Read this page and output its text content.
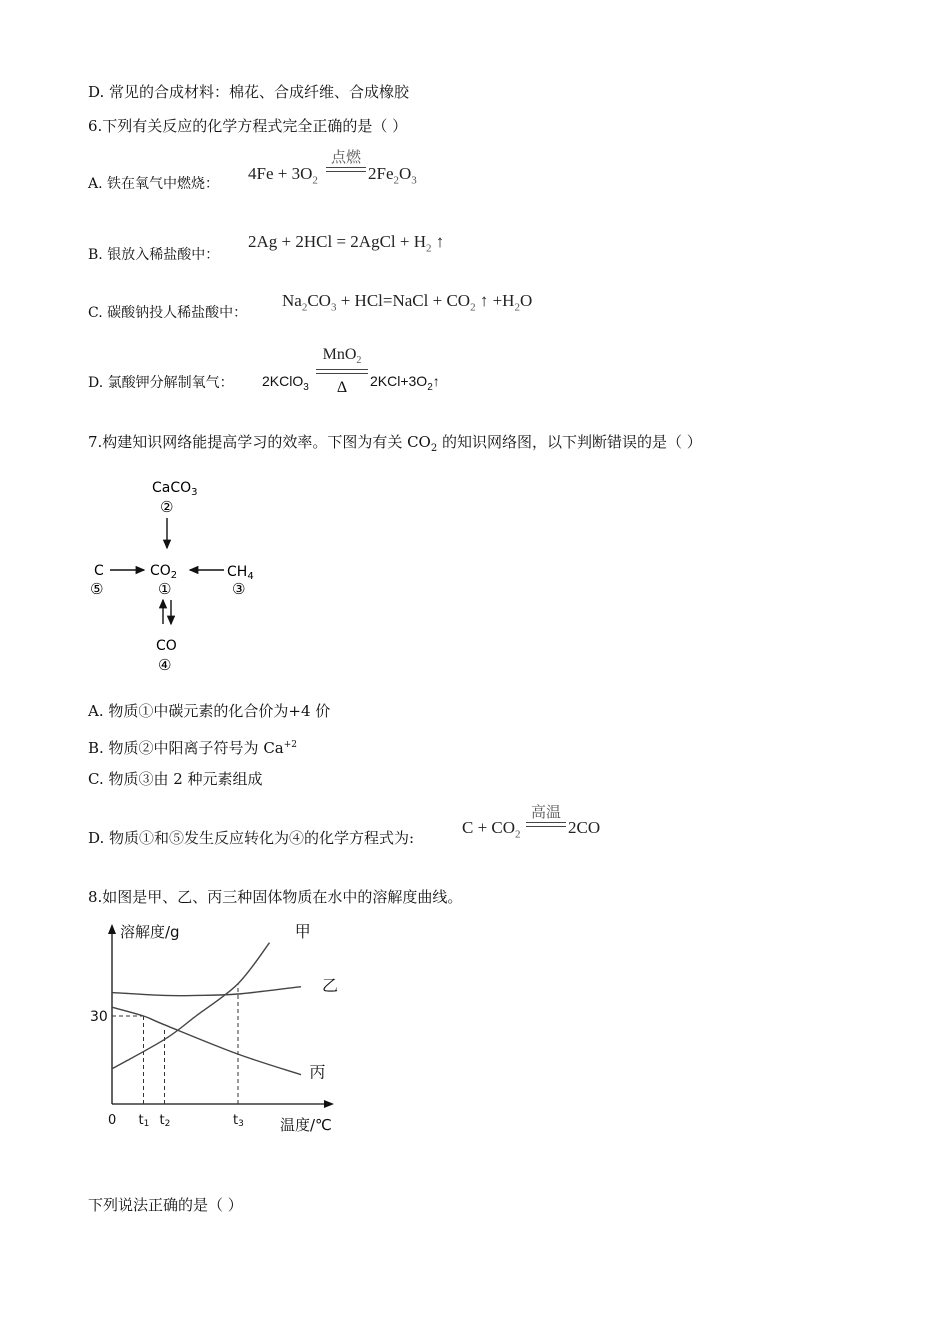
D. 常见的合成材料：棉花、合成纤维、合成橡胶
6.下列有关反应的化学方程式完全正确的是（ ）
A. 铁在氧气中燃烧：
$4Fe + 3O_2$
点燃
$2Fe_2O_3$
B. 银放入稀盐酸中：
2Ag + 2HCl = 2AgCl + $H_2$ ↑
C. 碳酸钠投人稀盐酸中：
$Na_2CO_3$ + HCl=NaCl + $CO_2$ ↑ $+H_2O$
D. 氯酸钾分解制氧气： 2KClO$_3$
MnO$_2$
Δ	$2KCl+3O_2↑$
7.构建知识网络能提高学习的效率。下图为有关 $CO_2$ 的知识网络图，以下判断错误的是（ ）
CaCO$_3$
②
C
⑤
$CO_2$
①
$CH_4$
③
CO
④
A. 物质①中碳元素的化合价为+4 价
B. 物质②中阳离子符号为 $Ca^{+2}$
C. 物质③由 2 种元素组成
D. 物质①和⑤发生反应转化为④的化学方程式为:
$C + CO_2$
高温
2CO
8.如图是甲、乙、丙三种固体物质在水中的溶解度曲线。
甲
乙
丙
0 t1 t2	t3
30
溶解度/g
温度/℃
下列说法正确的是（ ）
